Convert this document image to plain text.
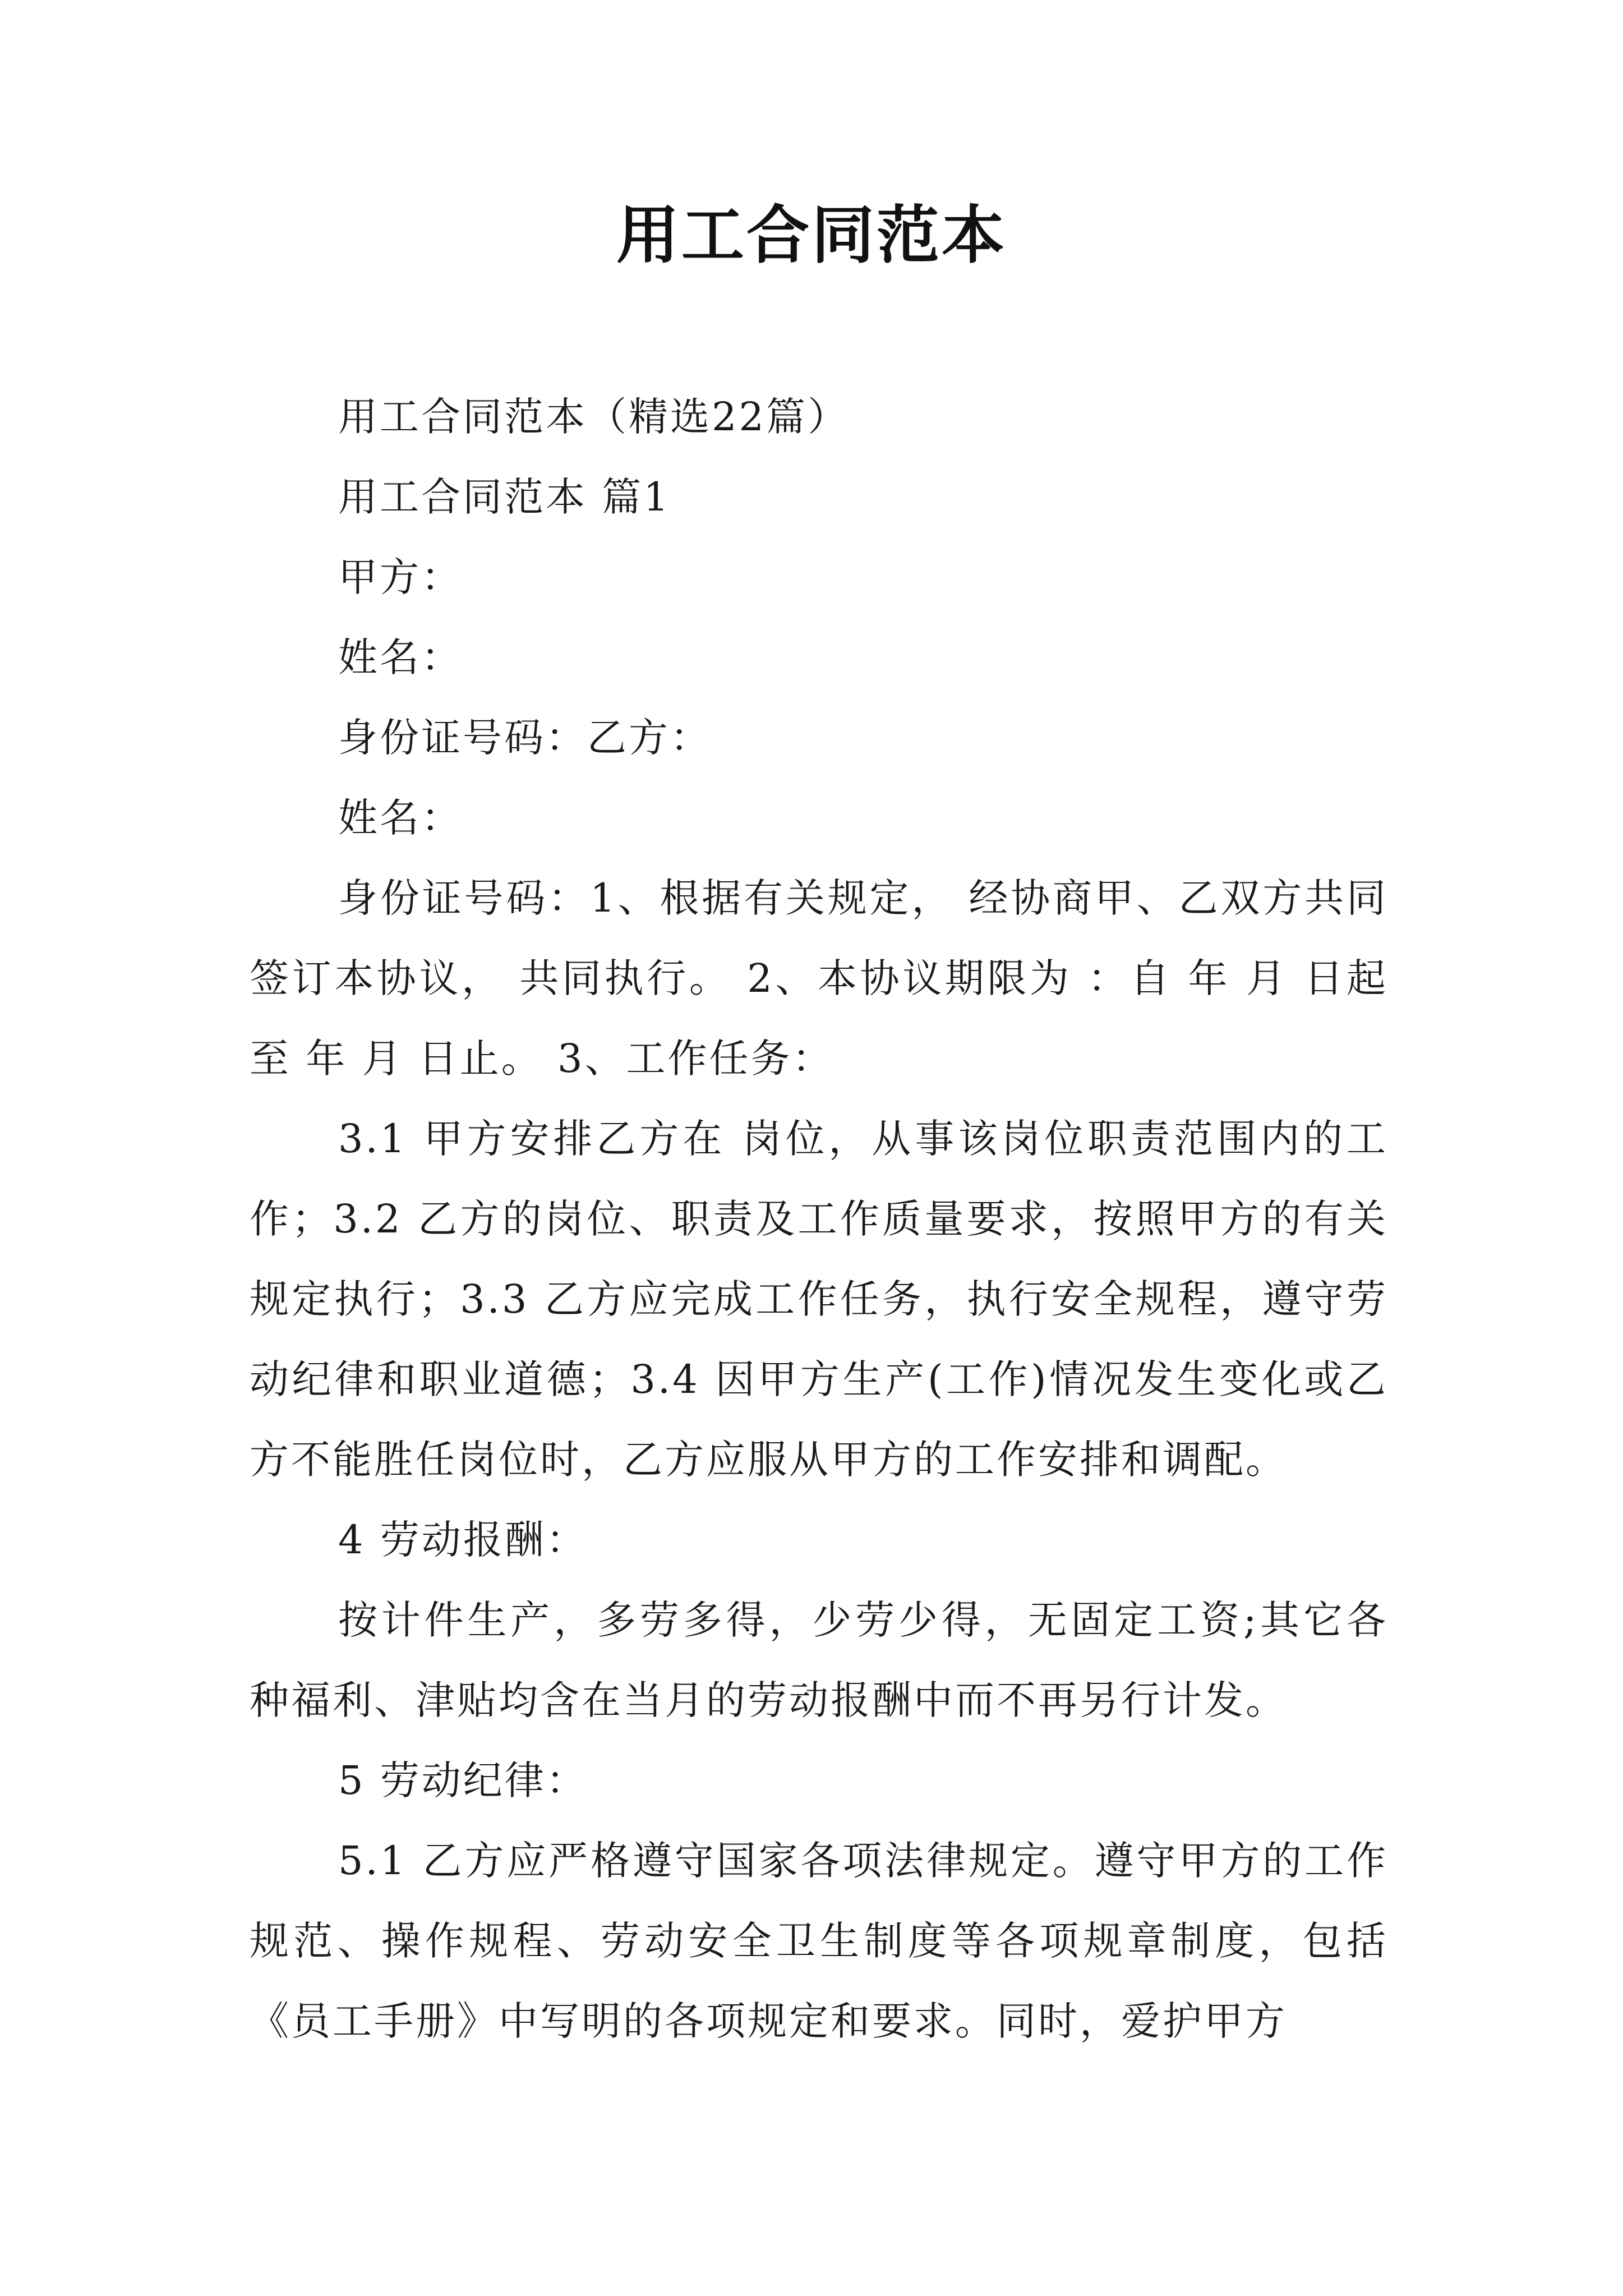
用工合同范本

用工合同范本（精选22篇）

用工合同范本 篇1

甲方：

姓名：

身份证号码：乙方：

姓名：

身份证号码：1、根据有关规定， 经协商甲、乙双方共同签订本协议， 共同执行。 2、本协议期限为 ：自 年 月 日起至 年 月 日止。 3、工作任务：

3.1 甲方安排乙方在 岗位，从事该岗位职责范围内的工作；3.2 乙方的岗位、职责及工作质量要求，按照甲方的有关规定执行；3.3 乙方应完成工作任务，执行安全规程，遵守劳动纪律和职业道德；3.4 因甲方生产(工作)情况发生变化或乙方不能胜任岗位时，乙方应服从甲方的工作安排和调配。

4 劳动报酬：

按计件生产，多劳多得，少劳少得，无固定工资;其它各种福利、津贴均含在当月的劳动报酬中而不再另行计发。

5 劳动纪律：

5.1 乙方应严格遵守国家各项法律规定。遵守甲方的工作规范、操作规程、劳动安全卫生制度等各项规章制度，包括《员工手册》中写明的各项规定和要求。同时，爱护甲方
